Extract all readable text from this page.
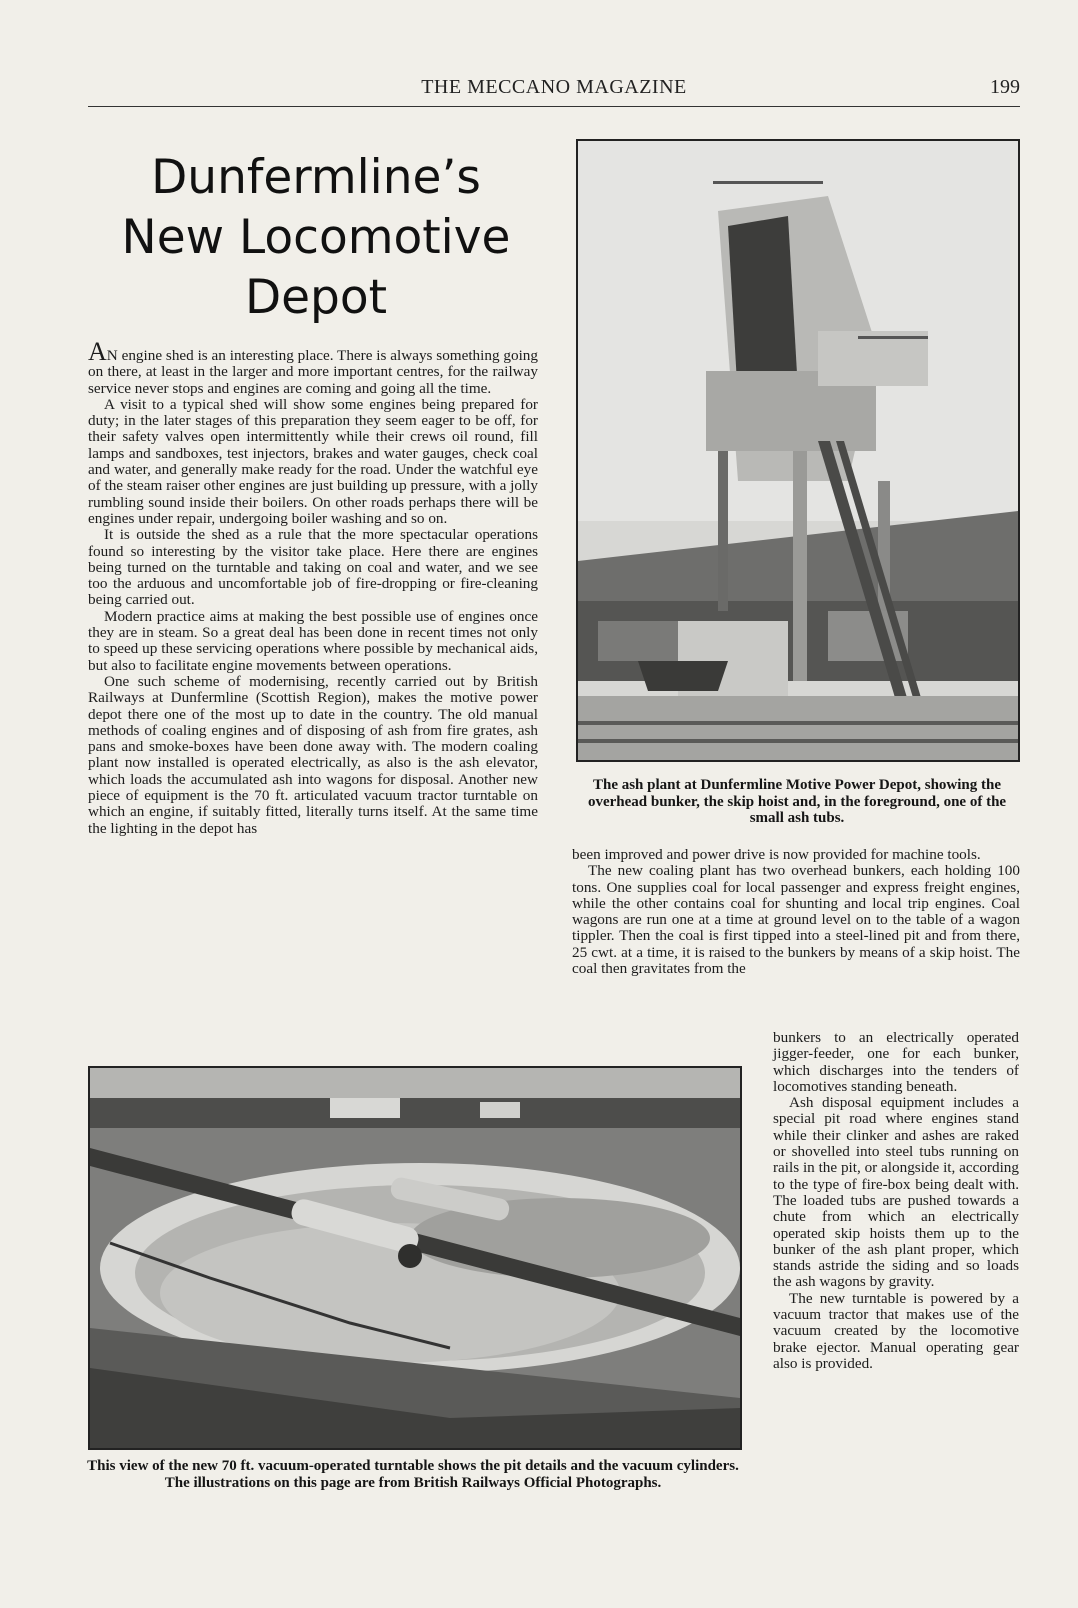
THE MECCANO MAGAZINE	199
Dunfermline’s
New Locomotive
Depot

AN engine shed is an interesting place. There is always something going on there, at least in the larger and more important centres, for the railway service never stops and engines are coming and going all the time.

A visit to a typical shed will show some engines being prepared for duty; in the later stages of this preparation they seem eager to be off, for their safety valves open intermittently while their crews oil round, fill lamps and sandboxes, test injectors, brakes and water gauges, check coal and water, and generally make ready for the road. Under the watchful eye of the steam raiser other engines are just building up pressure, with a jolly rumbling sound inside their boilers. On other roads perhaps there will be engines under repair, undergoing boiler washing and so on.

It is outside the shed as a rule that the more spectacular operations found so interesting by the visitor take place. Here there are engines being turned on the turntable and taking on coal and water, and we see too the arduous and uncomfortable job of fire-dropping or fire-cleaning being carried out.

Modern practice aims at making the best possible use of engines once they are in steam. So a great deal has been done in recent times not only to speed up these servicing operations where possible by mechanical aids, but also to facilitate engine movements between operations.

One such scheme of modernising, recently carried out by British Railways at Dunfermline (Scottish Region), makes the motive power depot there one of the most up to date in the country. The old manual methods of coaling engines and of disposing of ash from fire grates, ash pans and smoke-boxes have been done away with. The modern coaling plant now installed is operated electrically, as also is the ash elevator, which loads the accumulated ash into wagons for disposal. Another new piece of equipment is the 70 ft. articulated vacuum tractor turntable on which an engine, if suitably fitted, literally turns itself. At the same time the lighting in the depot has

The ash plant at Dunfermline Motive Power Depot, showing the overhead bunker, the skip hoist and, in the foreground, one of the small ash tubs.

been improved and power drive is now provided for machine tools.

The new coaling plant has two overhead bunkers, each holding 100 tons. One supplies coal for local passenger and express freight engines, while the other contains coal for shunting and local trip engines. Coal wagons are run one at a time at ground level on to the table of a wagon tippler. Then the coal is first tipped into a steel-lined pit and from there, 25 cwt. at a time, it is raised to the bunkers by means of a skip hoist. The coal then gravitates from the

bunkers to an electrically operated jigger-feeder, one for each bunker, which discharges into the tenders of locomotives standing beneath.

Ash disposal equipment includes a special pit road where engines stand while their clinker and ashes are raked or shovelled into steel tubs running on rails in the pit, or alongside it, according to the type of fire-box being dealt with. The loaded tubs are pushed towards a chute from which an electrically operated skip hoists them up to the bunker of the ash plant proper, which stands astride the siding and so loads the ash wagons by gravity.

The new turntable is powered by a vacuum tractor that makes use of the vacuum created by the locomotive brake ejector. Manual operating gear also is provided.

This view of the new 70 ft. vacuum-operated turntable shows the pit details and the vacuum cylinders. The illustrations on this page are from British Railways Official Photographs.
